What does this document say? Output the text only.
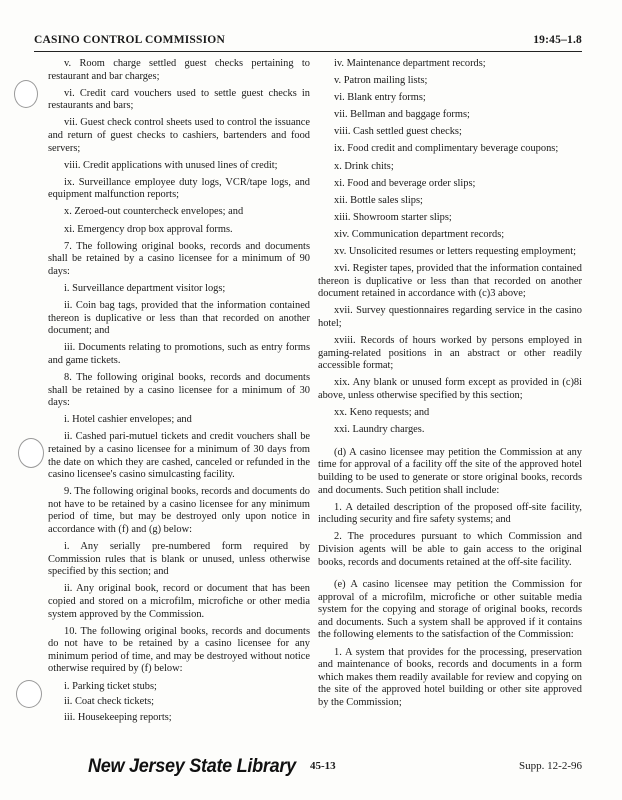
CASINO CONTROL COMMISSION	19:45–1.8

v. Room charge settled guest checks pertaining to restaurant and bar charges;

vi. Credit card vouchers used to settle guest checks in restaurants and bars;

vii. Guest check control sheets used to control the issuance and return of guest checks to cashiers, bartenders and food servers;

viii. Credit applications with unused lines of credit;

ix. Surveillance employee duty logs, VCR/tape logs, and equipment malfunction reports;

x. Zeroed-out countercheck envelopes; and

xi. Emergency drop box approval forms.

7. The following original books, records and documents shall be retained by a casino licensee for a minimum of 90 days:

i. Surveillance department visitor logs;

ii. Coin bag tags, provided that the information contained thereon is duplicative or less than that recorded on another document; and

iii. Documents relating to promotions, such as entry forms and game tickets.

8. The following original books, records and documents shall be retained by a casino licensee for a minimum of 30 days:

i. Hotel cashier envelopes; and

ii. Cashed pari-mutuel tickets and credit vouchers shall be retained by a casino licensee for a minimum of 30 days from the date on which they are cashed, canceled or refunded in the casino licensee's casino simulcasting facility.

9. The following original books, records and documents do not have to be retained by a casino licensee for any minimum period of time, but may be destroyed only upon notice in accordance with (f) and (g) below:

i. Any serially pre-numbered form required by Commission rules that is blank or unused, unless otherwise specified by this section; and

ii. Any original book, record or document that has been copied and stored on a microfilm, microfiche or other media system approved by the Commission.

10. The following original books, records and documents do not have to be retained by a casino licensee for any minimum period of time, and may be destroyed without notice otherwise required by (f) below:

i. Parking ticket stubs;

ii. Coat check tickets;

iii. Housekeeping reports;

iv. Maintenance department records;

v. Patron mailing lists;

vi. Blank entry forms;

vii. Bellman and baggage forms;

viii. Cash settled guest checks;

ix. Food credit and complimentary beverage coupons;

x. Drink chits;

xi. Food and beverage order slips;

xii. Bottle sales slips;

xiii. Showroom starter slips;

xiv. Communication department records;

xv. Unsolicited resumes or letters requesting employment;

xvi. Register tapes, provided that the information contained thereon is duplicative or less than that recorded on another document retained in accordance with (c)3 above;

xvii. Survey questionnaires regarding service in the casino hotel;

xviii. Records of hours worked by persons employed in gaming-related positions in an abstract or other readily accessible format;

xix. Any blank or unused form except as provided in (c)8i above, unless otherwise specified by this section;

xx. Keno requests; and

xxi. Laundry charges.

(d) A casino licensee may petition the Commission at any time for approval of a facility off the site of the approved hotel building to be used to generate or store original books, records and documents. Such petition shall include:

1. A detailed description of the proposed off-site facility, including security and fire safety systems; and

2. The procedures pursuant to which Commission and Division agents will be able to gain access to the original books, records and documents retained at the off-site facility.

(e) A casino licensee may petition the Commission for approval of a microfilm, microfiche or other suitable media system for the copying and storage of original books, records and documents. Such a system shall be approved if it contains the following elements to the satisfaction of the Commission:

1. A system that provides for the processing, preservation and maintenance of books, records and documents in a form which makes them readily available for review and copying on the site of the approved hotel building or other site approved by the Commission;

New Jersey State Library 45-13	Supp. 12-2-96
